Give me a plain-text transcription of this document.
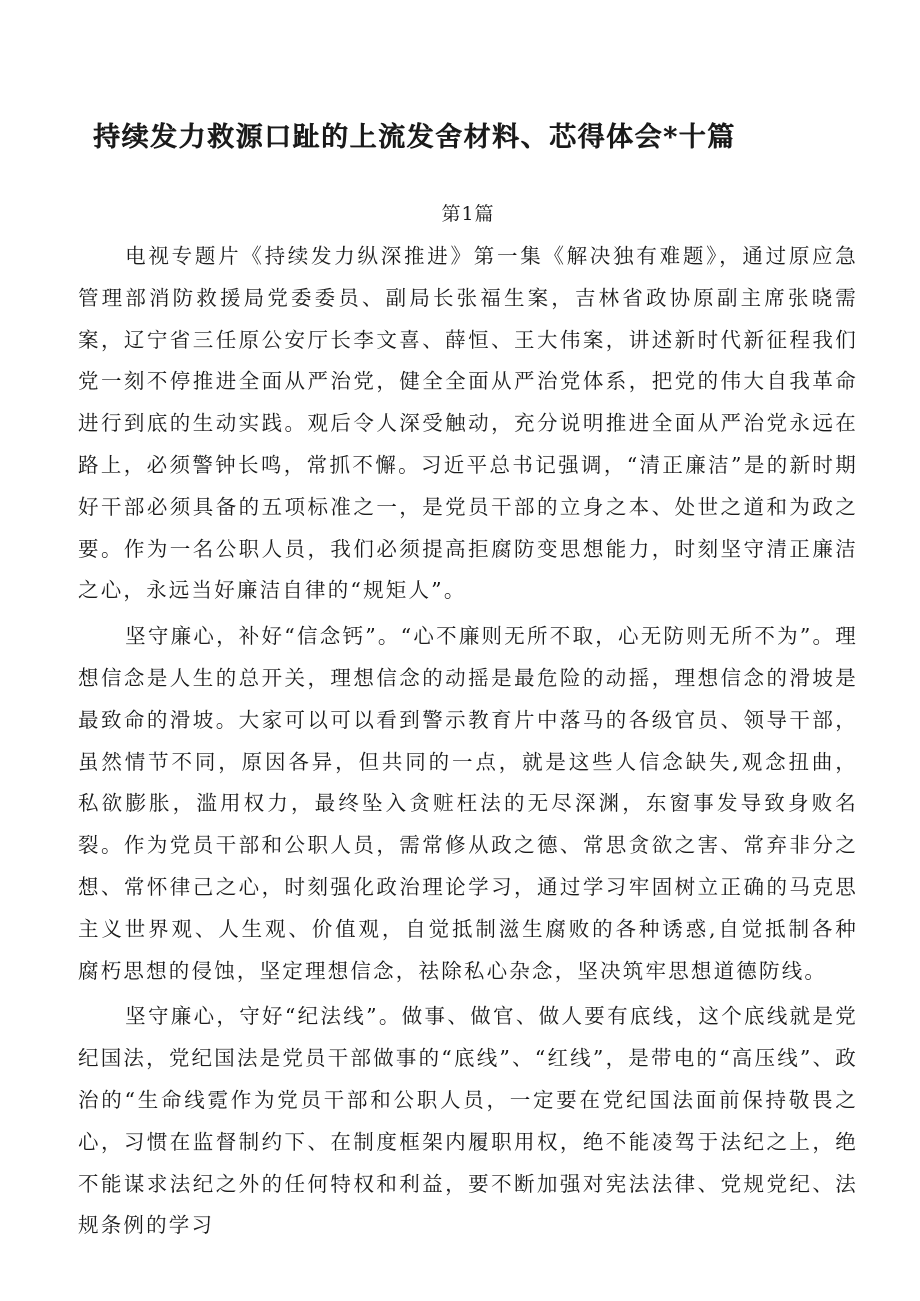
持续发力救源口趾的上流发舍材料、芯得体会*十篇
第1篇

电视专题片《持续发力纵深推进》第一集《解决独有难题》，通过原应急管理部消防救援局党委委员、副局长张福生案，吉林省政协原副主席张晓需案，辽宁省三任原公安厅长李文喜、薛恒、王大伟案，讲述新时代新征程我们党一刻不停推进全面从严治党，健全全面从严治党体系，把党的伟大自我革命进行到底的生动实践。观后令人深受触动，充分说明推进全面从严治党永远在路上，必须警钟长鸣，常抓不懈。习近平总书记强调，“清正廉洁”是的新时期好干部必须具备的五项标准之一，是党员干部的立身之本、处世之道和为政之要。作为一名公职人员，我们必须提高拒腐防变思想能力，时刻坚守清正廉洁之心，永远当好廉洁自律的“规矩人”。

坚守廉心，补好“信念钙”。“心不廉则无所不取，心无防则无所不为”。理想信念是人生的总开关，理想信念的动摇是最危险的动摇，理想信念的滑坡是最致命的滑坡。大家可以可以看到警示教育片中落马的各级官员、领导干部，虽然情节不同，原因各异，但共同的一点，就是这些人信念缺失,观念扭曲，私欲膨胀，滥用权力，最终坠入贪赃枉法的无尽深渊，东窗事发导致身败名裂。作为党员干部和公职人员，需常修从政之德、常思贪欲之害、常弃非分之想、常怀律己之心，时刻强化政治理论学习，通过学习牢固树立正确的马克思主义世界观、人生观、价值观，自觉抵制滋生腐败的各种诱惑,自觉抵制各种腐朽思想的侵蚀，坚定理想信念，祛除私心杂念，坚决筑牢思想道德防线。

坚守廉心，守好“纪法线”。做事、做官、做人要有底线，这个底线就是党纪国法，党纪国法是党员干部做事的“底线”、“红线”，是带电的“高压线”、政治的“生命线霓作为党员干部和公职人员，一定要在党纪国法面前保持敬畏之心，习惯在监督制约下、在制度框架内履职用权，绝不能凌驾于法纪之上，绝不能谋求法纪之外的任何特权和利益，要不断加强对宪法法律、党规党纪、法规条例的学习
